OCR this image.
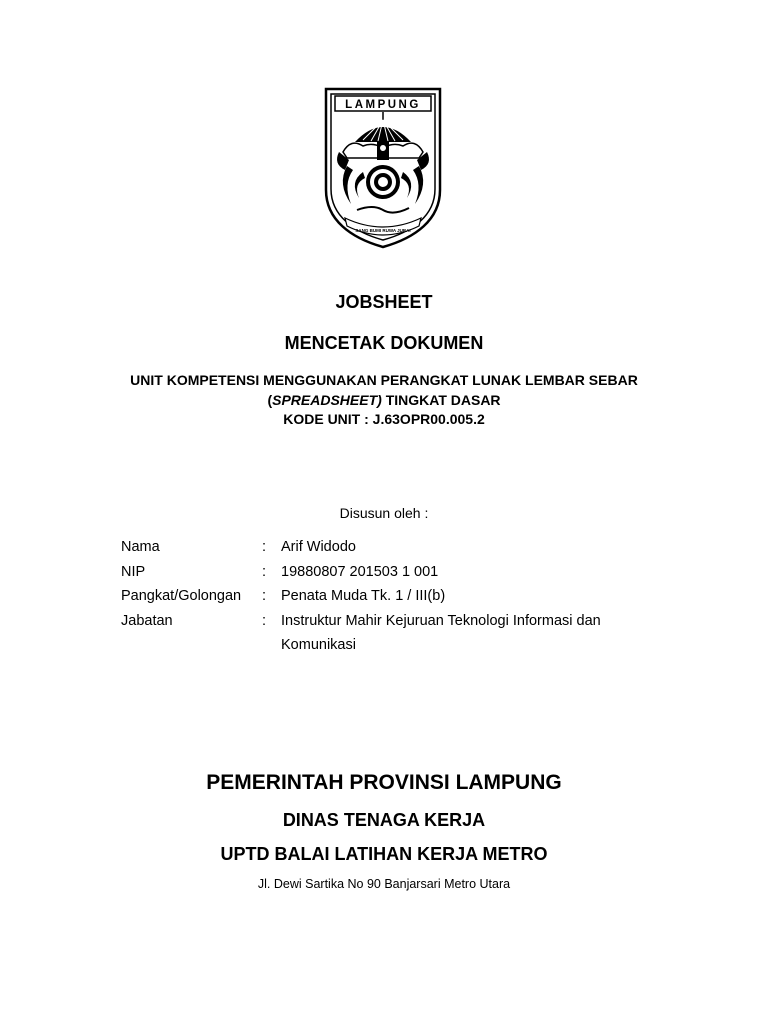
LAMPUNG
SANG BUMI RUWA JURAI
JOBSHEET
MENCETAK DOKUMEN
UNIT KOMPETENSI MENGGUNAKAN PERANGKAT LUNAK LEMBAR SEBAR
(SPREADSHEET) TINGKAT DASAR
KODE UNIT : J.63OPR00.005.2
Disusun oleh :
Nama	: Arif Widodo
NIP	: 19880807 201503 1 001
Pangkat/Golongan : Penata Muda Tk. 1 / III(b)
Jabatan	: Instruktur Mahir Kejuruan Teknologi Informasi dan Komunikasi
PEMERINTAH PROVINSI LAMPUNG
DINAS TENAGA KERJA
UPTD BALAI LATIHAN KERJA METRO
Jl. Dewi Sartika No 90 Banjarsari Metro Utara
